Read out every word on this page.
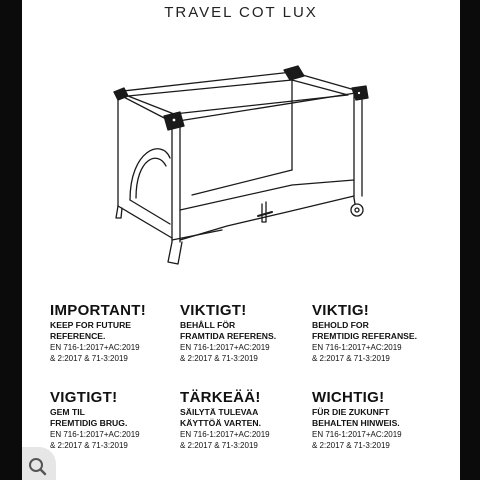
TRAVEL COT LUX
IMPORTANT!
KEEP FOR FUTURE
REFERENCE.
EN 716-1:2017+AC:2019
& 2:2017 & 71-3:2019
VIKTIGT!
BEHÅLL FÖR
FRAMTIDA REFERENS.
EN 716-1:2017+AC:2019
& 2:2017 & 71-3:2019
VIKTIG!
BEHOLD FOR
FREMTIDIG REFERANSE.
EN 716-1:2017+AC:2019
& 2:2017 & 71-3:2019
VIGTIGT!
GEM TIL
FREMTIDIG BRUG.
EN 716-1:2017+AC:2019
& 2:2017 & 71-3:2019
TÄRKEÄÄ!
SÄILYTÄ TULEVAA
KÄYTTÖÄ VARTEN.
EN 716-1:2017+AC:2019
& 2:2017 & 71-3:2019
WICHTIG!
FÜR DIE ZUKUNFT
BEHALTEN HINWEIS.
EN 716-1:2017+AC:2019
& 2:2017 & 71-3:2019
